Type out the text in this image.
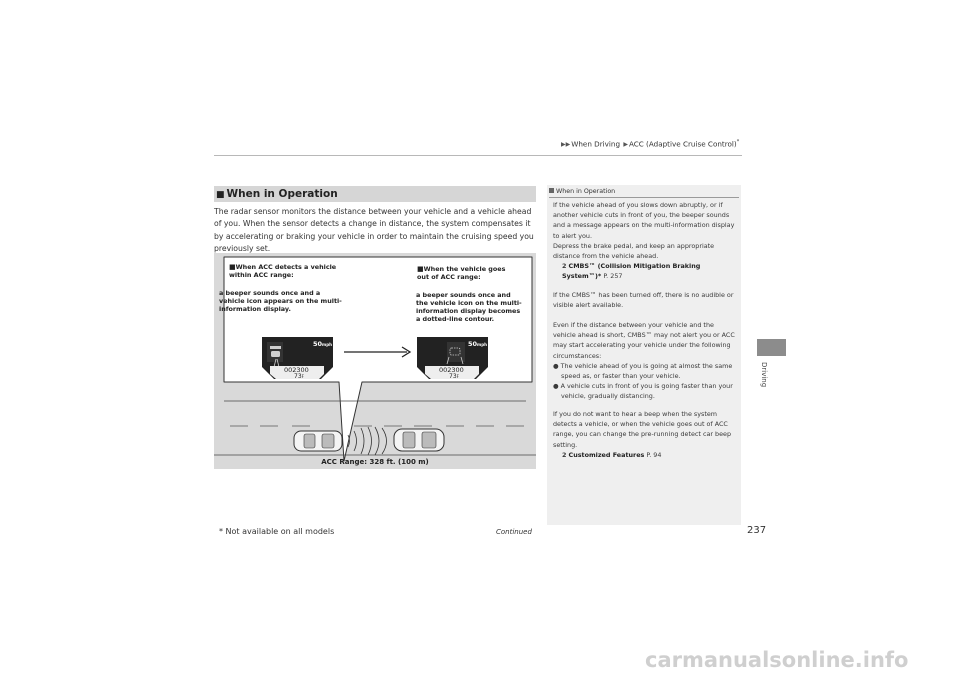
▶▶When Driving ▶ACC (Adaptive Cruise Control)*
Driving
■ When in Operation
The radar sensor monitors the distance between your vehicle and a vehicle ahead of you. When the sensor detects a change in distance, the system compensates it by accelerating or braking your vehicle in order to maintain the cruising speed you previously set.
50mph
002300
73F
50mph
002300
73F
■When ACC detects a vehicle within ACC range:
a beeper sounds once and a vehicle icon appears on the multi- information display.
■When the vehicle goes out of ACC range:
a beeper sounds once and the vehicle icon on the multi- information display becomes a dotted-line contour.
ACC Range: 328 ft. (100 m)
When in Operation
If the vehicle ahead of you slows down abruptly, or if another vehicle cuts in front of you, the beeper sounds and a message appears on the multi-information display to alert you.
Depress the brake pedal, and keep an appropriate distance from the vehicle ahead.

2 CMBS™ (Collision Mitigation Braking System™)* P. 257
If the CMBS™ has been turned off, there is no audible or visible alert available.
Even if the distance between your vehicle and the vehicle ahead is short, CMBS™ may not alert you or ACC may start accelerating your vehicle under the following circumstances:
● The vehicle ahead of you is going at almost the same speed as, or faster than your vehicle.
● A vehicle cuts in front of you is going faster than your vehicle, gradually distancing.
If you do not want to hear a beep when the system detects a vehicle, or when the vehicle goes out of ACC range, you can change the pre-running detect car beep setting.
2 Customized Features P. 94
* Not available on all models	Continued	237
carmanualsonline.info
